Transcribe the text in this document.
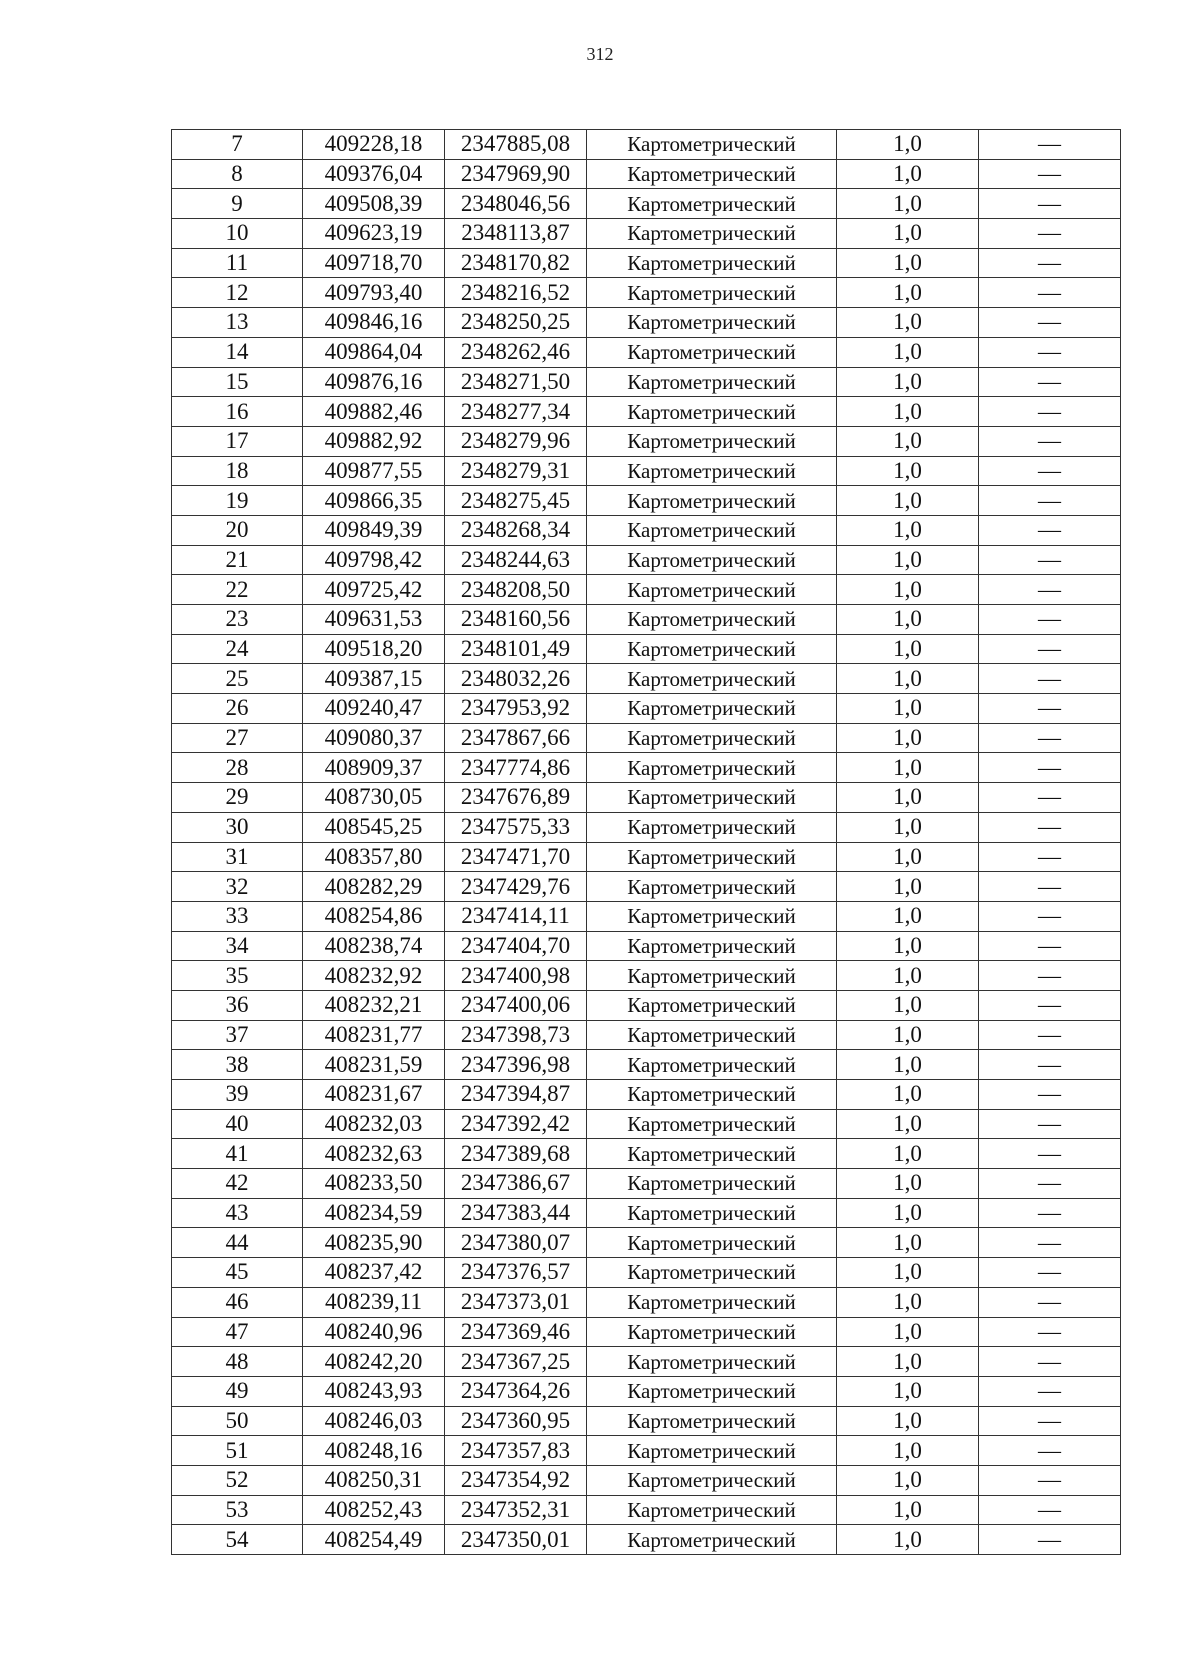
312
7	409228,18	2347885,08	Картометрический	1,0	—
8	409376,04	2347969,90	Картометрический	1,0	—
9	409508,39	2348046,56	Картометрический	1,0	—
10	409623,19	2348113,87	Картометрический	1,0	—
11	409718,70	2348170,82	Картометрический	1,0	—
12	409793,40	2348216,52	Картометрический	1,0	—
13	409846,16	2348250,25	Картометрический	1,0	—
14	409864,04	2348262,46	Картометрический	1,0	—
15	409876,16	2348271,50	Картометрический	1,0	—
16	409882,46	2348277,34	Картометрический	1,0	—
17	409882,92	2348279,96	Картометрический	1,0	—
18	409877,55	2348279,31	Картометрический	1,0	—
19	409866,35	2348275,45	Картометрический	1,0	—
20	409849,39	2348268,34	Картометрический	1,0	—
21	409798,42	2348244,63	Картометрический	1,0	—
22	409725,42	2348208,50	Картометрический	1,0	—
23	409631,53	2348160,56	Картометрический	1,0	—
24	409518,20	2348101,49	Картометрический	1,0	—
25	409387,15	2348032,26	Картометрический	1,0	—
26	409240,47	2347953,92	Картометрический	1,0	—
27	409080,37	2347867,66	Картометрический	1,0	—
28	408909,37	2347774,86	Картометрический	1,0	—
29	408730,05	2347676,89	Картометрический	1,0	—
30	408545,25	2347575,33	Картометрический	1,0	—
31	408357,80	2347471,70	Картометрический	1,0	—
32	408282,29	2347429,76	Картометрический	1,0	—
33	408254,86	2347414,11	Картометрический	1,0	—
34	408238,74	2347404,70	Картометрический	1,0	—
35	408232,92	2347400,98	Картометрический	1,0	—
36	408232,21	2347400,06	Картометрический	1,0	—
37	408231,77	2347398,73	Картометрический	1,0	—
38	408231,59	2347396,98	Картометрический	1,0	—
39	408231,67	2347394,87	Картометрический	1,0	—
40	408232,03	2347392,42	Картометрический	1,0	—
41	408232,63	2347389,68	Картометрический	1,0	—
42	408233,50	2347386,67	Картометрический	1,0	—
43	408234,59	2347383,44	Картометрический	1,0	—
44	408235,90	2347380,07	Картометрический	1,0	—
45	408237,42	2347376,57	Картометрический	1,0	—
46	408239,11	2347373,01	Картометрический	1,0	—
47	408240,96	2347369,46	Картометрический	1,0	—
48	408242,20	2347367,25	Картометрический	1,0	—
49	408243,93	2347364,26	Картометрический	1,0	—
50	408246,03	2347360,95	Картометрический	1,0	—
51	408248,16	2347357,83	Картометрический	1,0	—
52	408250,31	2347354,92	Картометрический	1,0	—
53	408252,43	2347352,31	Картометрический	1,0	—
54	408254,49	2347350,01	Картометрический	1,0	—
